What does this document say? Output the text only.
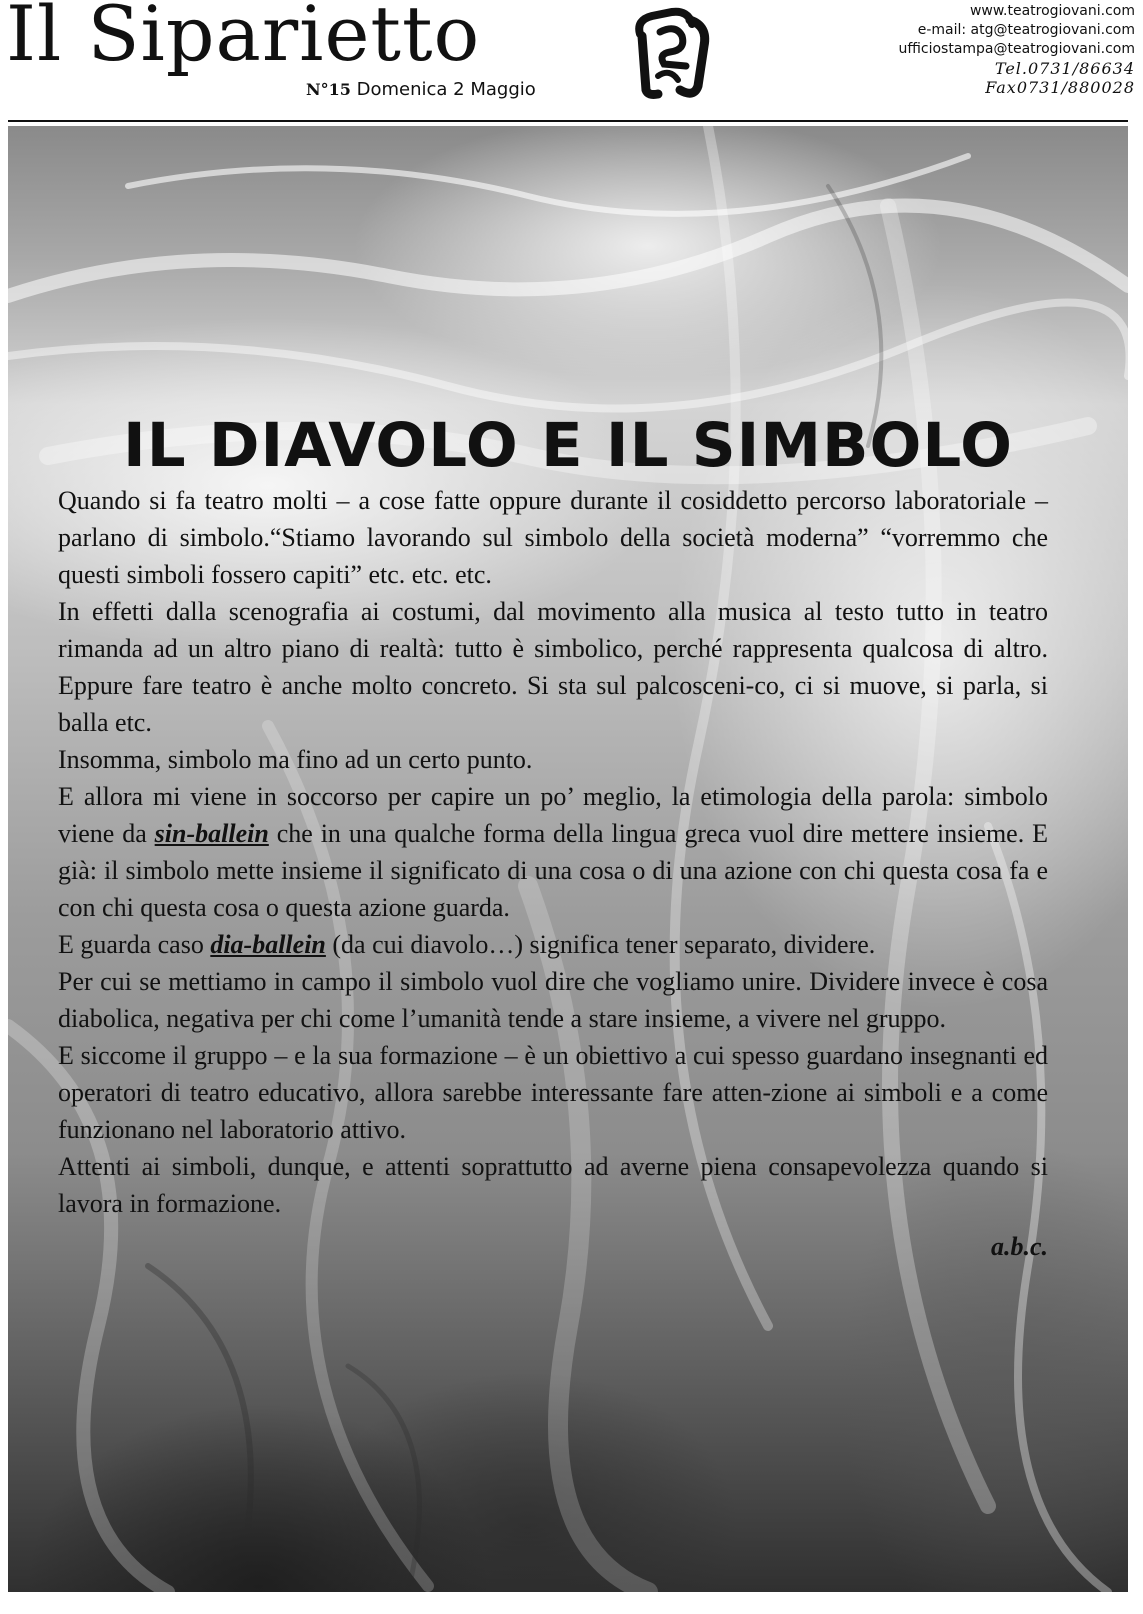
Il Siparietto
N°15 Domenica 2 Maggio
www.teatrogiovani.com
e-mail: atg@teatrogiovani.com
ufficiostampa@teatrogiovani.com
Tel.0731/86634
Fax0731/880028
IL DIAVOLO E IL SIMBOLO

Quando si fa teatro molti – a cose fatte oppure durante il cosiddetto percorso laboratoriale – parlano di simbolo.“Stiamo lavorando sul simbolo della società moderna” “vorremmo che questi simboli fossero capiti” etc. etc. etc.

In effetti dalla scenografia ai costumi, dal movimento alla musica al testo tutto in teatro rimanda ad un altro piano di realtà: tutto è simbolico, perché rappresenta qualcosa di altro. Eppure fare teatro è anche molto concreto. Si sta sul palcosceni-co, ci si muove, si parla, si balla etc.

Insomma, simbolo ma fino ad un certo punto.

E allora mi viene in soccorso per capire un po’ meglio, la etimologia della parola: simbolo viene da sin-ballein che in una qualche forma della lingua greca vuol dire mettere insieme. E già: il simbolo mette insieme il significato di una cosa o di una azione con chi questa cosa fa e con chi questa cosa o questa azione guarda.

E guarda caso dia-ballein (da cui diavolo…) significa tener separato, dividere.

Per cui se mettiamo in campo il simbolo vuol dire che vogliamo unire. Dividere invece è cosa diabolica, negativa per chi come l’umanità tende a stare insieme, a vivere nel gruppo.

E siccome il gruppo – e la sua formazione – è un obiettivo a cui spesso guardano insegnanti ed operatori di teatro educativo, allora sarebbe interessante fare atten-zione ai simboli e a come funzionano nel laboratorio attivo.

Attenti ai simboli, dunque, e attenti soprattutto ad averne piena consapevolezza quando si lavora in formazione.

a.b.c.
